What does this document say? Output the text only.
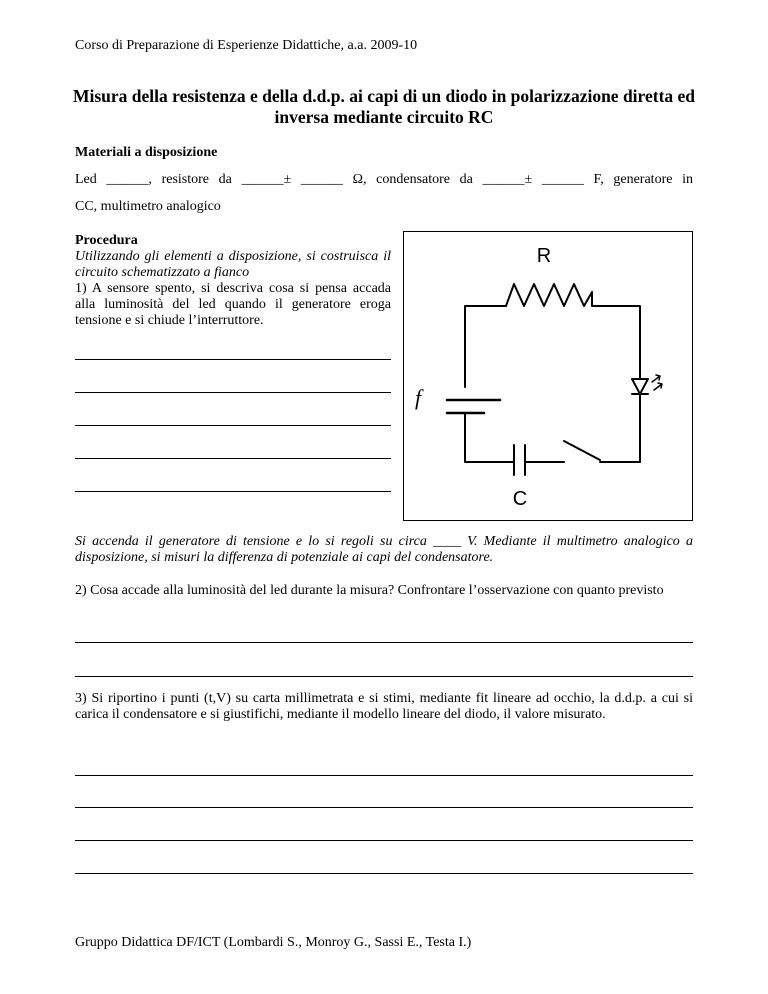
Corso di Preparazione di Esperienze Didattiche, a.a. 2009-10
Misura della resistenza e della d.d.p. ai capi di un diodo in polarizzazione diretta ed inversa mediante circuito RC
Materiali a disposizione
Led ______, resistore da ______± ______ Ω, condensatore da ______± ______ F, generatore in
CC, multimetro analogico
Procedura
Utilizzando gli elementi a disposizione, si costruisca il circuito schematizzato a fianco
1) A sensore spento, si descriva cosa si pensa accada alla luminosità del led quando il generatore eroga tensione e si chiude l’interruttore.
R
f
C
Si accenda il generatore di tensione e lo si regoli su circa ____ V. Mediante il multimetro analogico a disposizione, si misuri la differenza di potenziale ai capi del condensatore.
2) Cosa accade alla luminosità del led durante la misura? Confrontare l’osservazione con quanto previsto
3) Si riportino i punti (t,V) su carta millimetrata e si stimi, mediante fit lineare ad occhio, la d.d.p. a cui si carica il condensatore e si giustifichi, mediante il modello lineare del diodo, il valore misurato.
Gruppo Didattica DF/ICT (Lombardi S., Monroy G., Sassi E., Testa I.)
